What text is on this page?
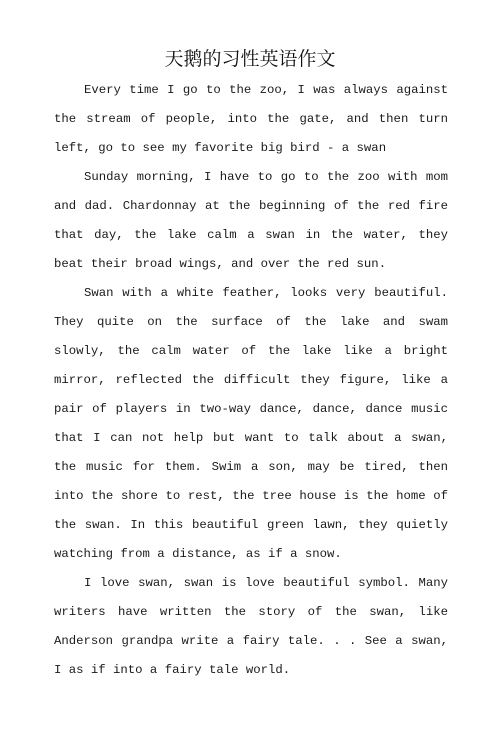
天鹅的习性英语作文

Every time I go to the zoo, I was always against the stream of people, into the gate, and then turn left, go to see my favorite big bird - a swan

Sunday morning, I have to go to the zoo with mom and dad. Chardonnay at the beginning of the red fire that day, the lake calm a swan in the water, they beat their broad wings, and over the red sun.

Swan with a white feather, looks very beautiful. They quite on the surface of the lake and swam slowly, the calm water of the lake like a bright mirror, reflected the difficult they figure, like a pair of players in two-way dance, dance, dance music that I can not help but want to talk about a swan, the music for them. Swim a son, may be tired, then into the shore to rest, the tree house is the home of the swan. In this beautiful green lawn, they quietly watching from a distance, as if a snow.

I love swan, swan is love beautiful symbol. Many writers have written the story of the swan, like Anderson grandpa write a fairy tale. . . See a swan, I as if into a fairy tale world.
